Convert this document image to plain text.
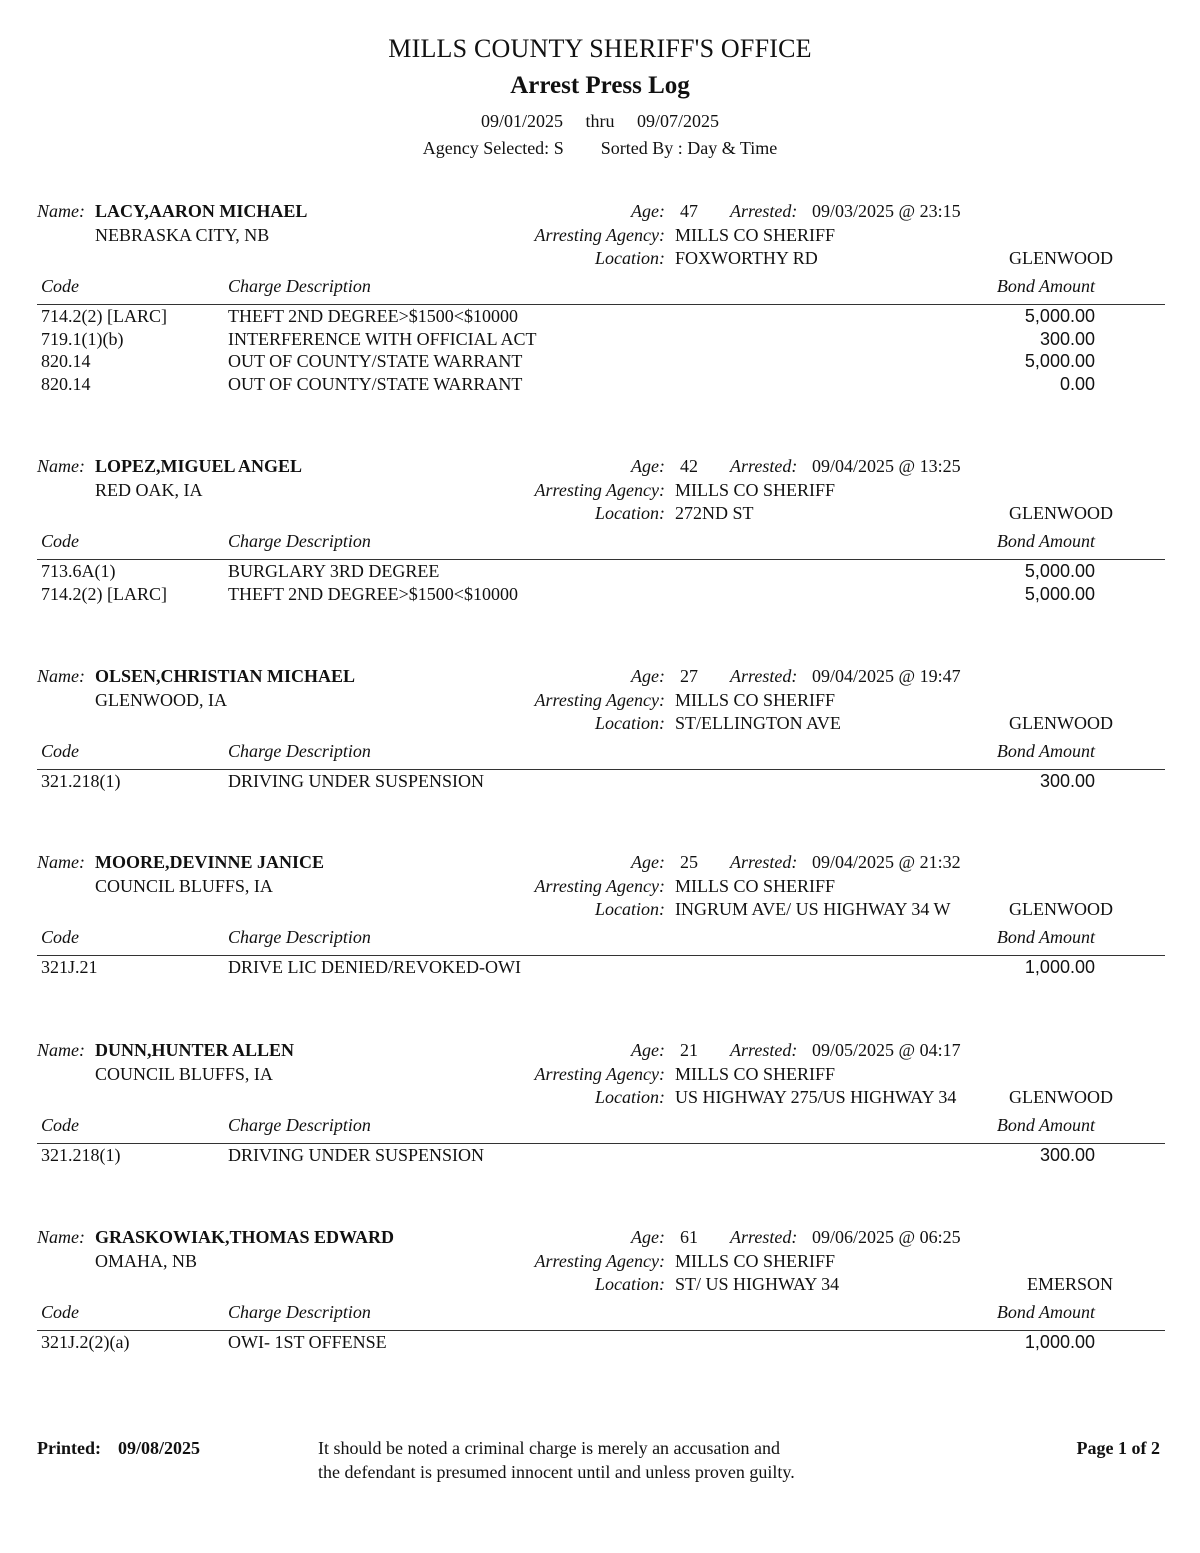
MILLS COUNTY SHERIFF'S OFFICE
Arrest Press Log
09/01/2025 thru 09/07/2025
Agency Selected: S Sorted By : Day & Time
Name: LACY,AARON MICHAEL
NEBRASKA CITY, NB
Age: 47 Arrested: 09/03/2025 @ 23:15
Arresting Agency: MILLS CO SHERIFF
Location: FOXWORTHY RD	GLENWOOD
Code	Charge Description	Bond Amount
714.2(2) [LARC]	THEFT 2ND DEGREE>$1500<$10000	5,000.00
719.1(1)(b)	INTERFERENCE WITH OFFICIAL ACT	300.00
820.14	OUT OF COUNTY/STATE WARRANT	5,000.00
820.14	OUT OF COUNTY/STATE WARRANT	0.00
Name: LOPEZ,MIGUEL ANGEL
RED OAK, IA
Age: 42 Arrested: 09/04/2025 @ 13:25
Arresting Agency: MILLS CO SHERIFF
Location: 272ND ST	GLENWOOD
Code	Charge Description	Bond Amount
713.6A(1)	BURGLARY 3RD DEGREE	5,000.00
714.2(2) [LARC]	THEFT 2ND DEGREE>$1500<$10000	5,000.00
Name: OLSEN,CHRISTIAN MICHAEL
GLENWOOD, IA
Age: 27 Arrested: 09/04/2025 @ 19:47
Arresting Agency: MILLS CO SHERIFF
Location: ST/ELLINGTON AVE	GLENWOOD
Code	Charge Description	Bond Amount
321.218(1)	DRIVING UNDER SUSPENSION	300.00
Name: MOORE,DEVINNE JANICE
COUNCIL BLUFFS, IA
Age: 25 Arrested: 09/04/2025 @ 21:32
Arresting Agency: MILLS CO SHERIFF
Location: INGRUM AVE/ US HIGHWAY 34 W	GLENWOOD
Code	Charge Description	Bond Amount
321J.21	DRIVE LIC DENIED/REVOKED-OWI	1,000.00
Name: DUNN,HUNTER ALLEN
COUNCIL BLUFFS, IA
Age: 21 Arrested: 09/05/2025 @ 04:17
Arresting Agency: MILLS CO SHERIFF
Location: US HIGHWAY 275/US HIGHWAY 34	GLENWOOD
Code	Charge Description	Bond Amount
321.218(1)	DRIVING UNDER SUSPENSION	300.00
Name: GRASKOWIAK,THOMAS EDWARD
OMAHA, NB
Age: 61 Arrested: 09/06/2025 @ 06:25
Arresting Agency: MILLS CO SHERIFF
Location: ST/ US HIGHWAY 34	EMERSON
Code	Charge Description	Bond Amount
321J.2(2)(a)	OWI- 1ST OFFENSE	1,000.00
Printed: 09/08/2025	It should be noted a criminal charge is merely an accusation and
the defendant is presumed innocent until and unless proven guilty.
Page 1 of 2
